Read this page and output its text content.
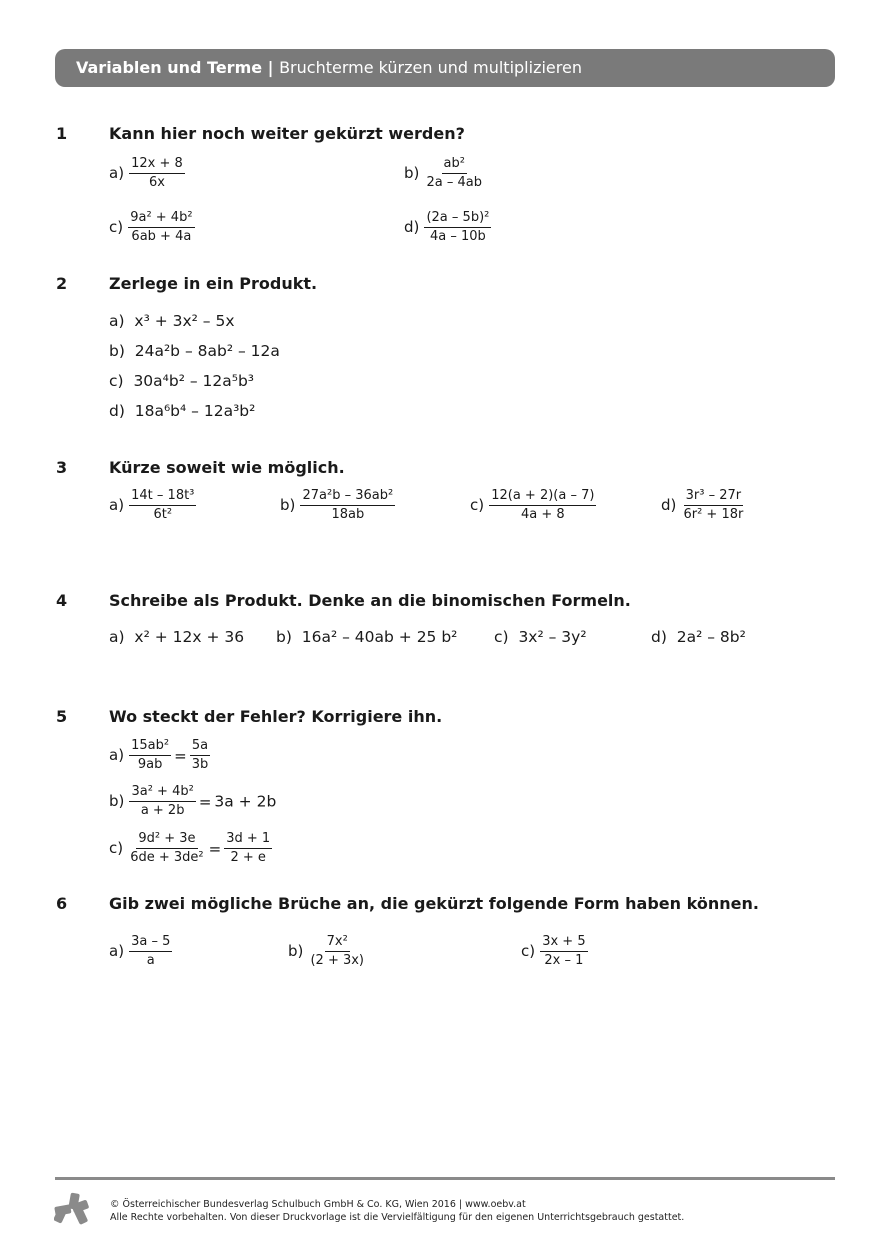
Variablen und Terme | Bruchterme kürzen und multiplizieren
1	Kann hier noch weiter gekürzt werden?
$a) \frac{12x + 8}{6x}$	$b) \frac{\text{ab²}}{2a - 4ab}$
$c) \frac{\text{9a² + 4b²}}{6ab + 4a}$	$d) \frac{\text{(2a – 5b)²}}{4a - 10b}$
2	Zerlege in ein Produkt.
a) x³ + 3x² – 5x
b) 24a²b – 8ab² – 12a
c) 30a⁴b² – 12a⁵b³
d) 18a⁶b⁴ – 12a³b²
3	Kürze soweit wie möglich.
$a) \frac{\text{14t – 18t³}}{\text{6t²}}$	$b) \frac{\text{27a²b – 36ab²}}{18ab}$	$c) \frac{12(a + 2)(a - 7)}{4a + 8}$	$d) \frac{\text{3r³ – 27r}}{\text{6r² + 18r}}$
4	Schreibe als Produkt. Denke an die binomischen Formeln.
a) x² + 12x + 36 b) 16a² – 40ab + 25 b² c) 3x² – 3y²	d) 2a² – 8b²
5	Wo steckt der Fehler? Korrigiere ihn.
$a) \frac{\text{15ab²}}{9ab} = \frac{5a}{3b}$
$b) \frac{\text{3a² + 4b²}}{a + 2b} = 3a + 2b$
$c) \frac{\text{9d² + 3e}}{\text{6de + 3de²}} = \frac{3d + 1}{2 + e}$
6	Gib zwei mögliche Brüche an, die gekürzt folgende Form haben können.
$a) \frac{3a - 5}{a}$	$b) \frac{\text{7x²}}{(2 + 3x)}$	$c) \frac{3x + 5}{2x - 1}$
© Österreichischer Bundesverlag Schulbuch GmbH & Co. KG, Wien 2016 | www.oebv.at
Alle Rechte vorbehalten. Von dieser Druckvorlage ist die Vervielfältigung für den eigenen Unterrichtsgebrauch gestattet.
